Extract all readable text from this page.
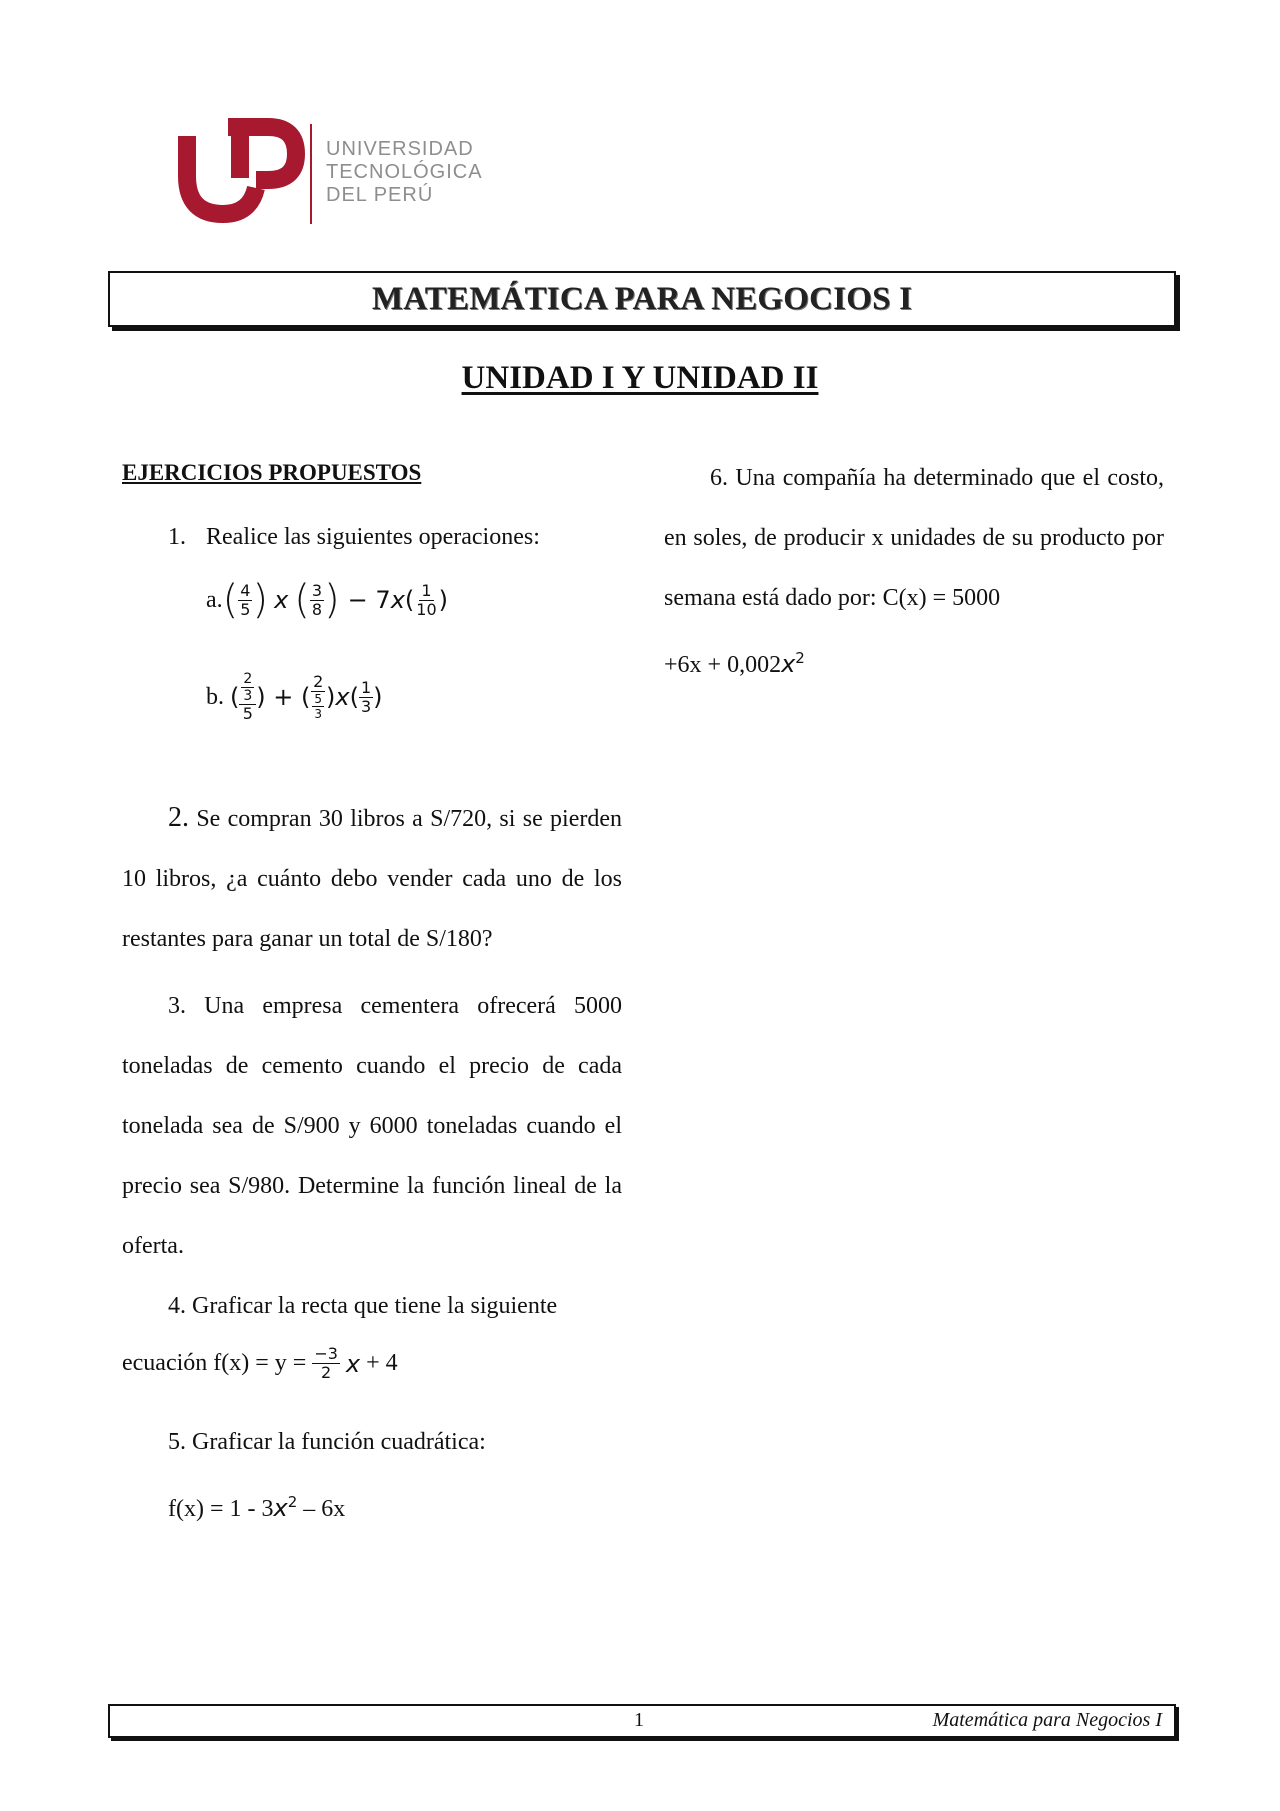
UNIVERSIDAD
TECNOLÓGICA
DEL PERÚ
MATEMÁTICA PARA NEGOCIOS I
UNIDAD I Y UNIDAD II
EJERCICIOS PROPUESTOS
1. Realice las siguientes operaciones:
a. ( $\frac{4}{5}$ ) x ( $\frac{3}{8}$ ) − 7 x ( $\frac{1}{10}$ )
b. ( $\frac{\frac{2}{3}}{5}$ ) + ( $\frac{2}{\frac{5}{3}}$ ) x ( $\frac{1}{3}$ )
2. Se compran 30 libros a S/720, si se pierden 10 libros, ¿a cuánto debo vender cada uno de los restantes para ganar un total de S/180?
3. Una empresa cementera ofrecerá 5000 toneladas de cemento cuando el precio de cada tonelada sea de S/900 y 6000 toneladas cuando el precio sea S/980. Determine la función lineal de la oferta.
4. Graficar la recta que tiene la siguiente
ecuación $f(x) = y = \frac{-3}{2}$ x + 4
5. Graficar la función cuadrática:
$f(x) = 1 - 3x^2 - 6x$
6. Una compañía ha determinado que el costo, en soles, de producir x unidades de su producto por semana está dado por: C(x) = 5000
$+6x + 0,002x^2$
1	Matemática para Negocios I
